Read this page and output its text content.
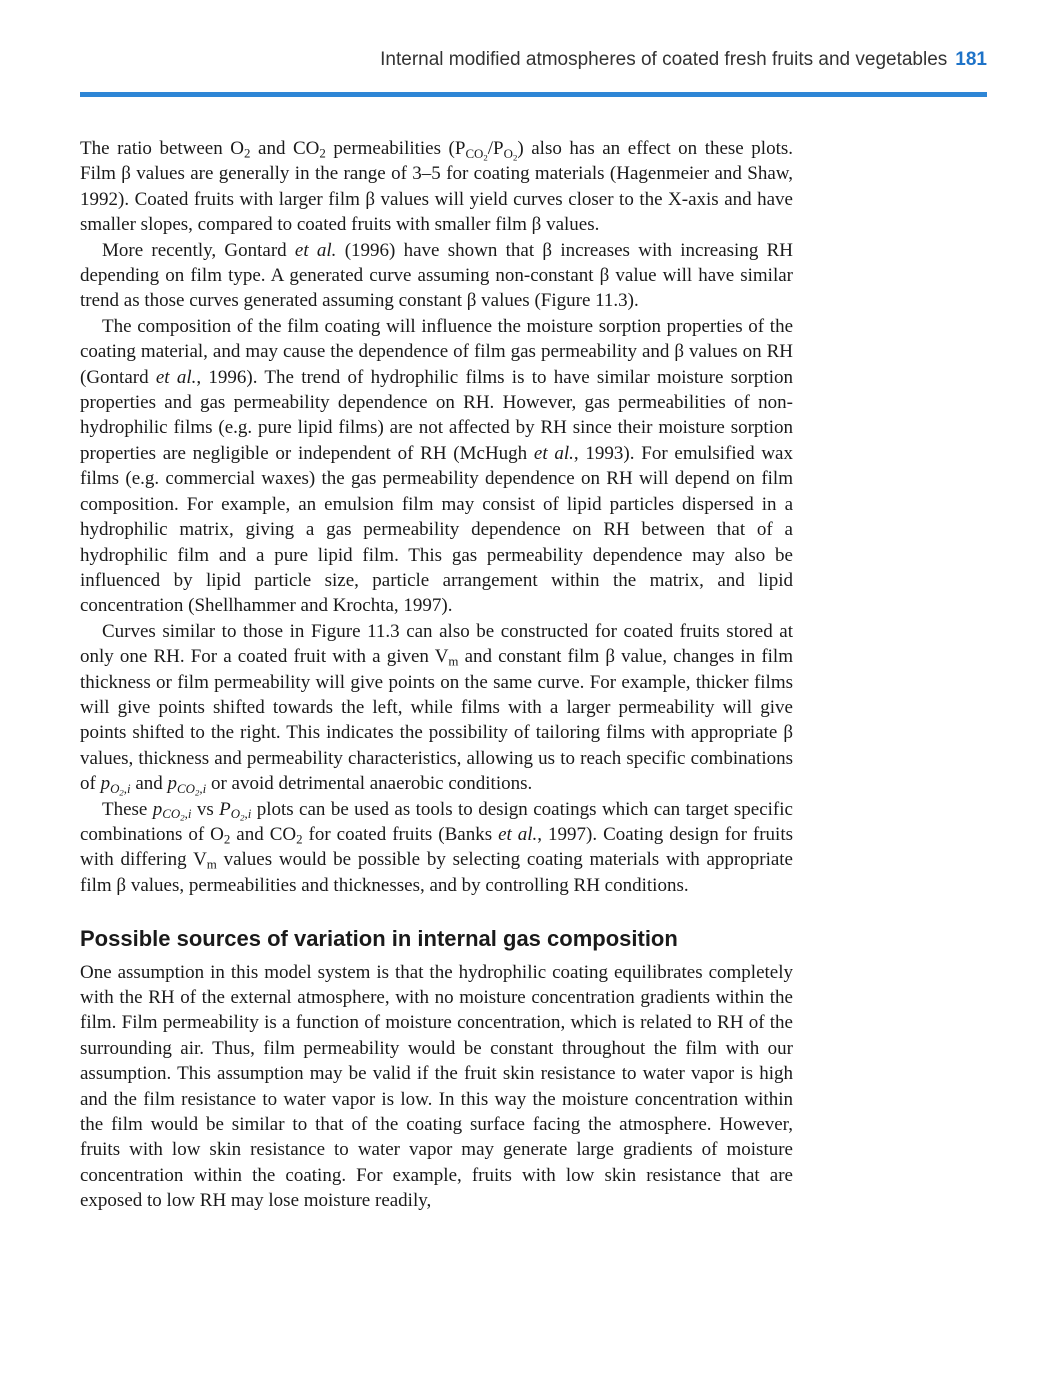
Internal modified atmospheres of coated fresh fruits and vegetables 181

The ratio between $O_2$ and $CO_2$ permeabilities $(P_{CO_2}/P_{O_2})$ also has an effect on these plots. Film β values are generally in the range of 3–5 for coating materials (Hagenmeier and Shaw, 1992). Coated fruits with larger film β values will yield curves closer to the X-axis and have smaller slopes, compared to coated fruits with smaller film β values.

More recently, Gontard et al. (1996) have shown that β increases with increasing RH depending on film type. A generated curve assuming non-constant β value will have similar trend as those curves generated assuming constant β values (Figure 11.3).

The composition of the film coating will influence the moisture sorption properties of the coating material, and may cause the dependence of film gas permeability and β values on RH (Gontard et al., 1996). The trend of hydrophilic films is to have similar moisture sorption properties and gas permeability dependence on RH. However, gas permeabilities of non-hydrophilic films (e.g. pure lipid films) are not affected by RH since their moisture sorption properties are negligible or independent of RH (McHugh et al., 1993). For emulsified wax films (e.g. commercial waxes) the gas permeability dependence on RH will depend on film composition. For example, an emulsion film may consist of lipid particles dispersed in a hydrophilic matrix, giving a gas permeability dependence on RH between that of a hydrophilic film and a pure lipid film. This gas permeability dependence may also be influenced by lipid particle size, particle arrangement within the matrix, and lipid concentration (Shellhammer and Krochta, 1997).

Curves similar to those in Figure 11.3 can also be constructed for coated fruits stored at only one RH. For a coated fruit with a given $V_m$ and constant film β value, changes in film thickness or film permeability will give points on the same curve. For example, thicker films will give points shifted towards the left, while films with a larger permeability will give points shifted to the right. This indicates the possibility of tailoring films with appropriate β values, thickness and permeability characteristics, allowing us to reach specific combinations of $p_{O_2,i}$ and $p_{CO_2,i}$ or avoid detrimental anaerobic conditions.

These $p_{CO_2,i}$ vs $P_{O_2,i}$ plots can be used as tools to design coatings which can target specific combinations of $O_2$ and $CO_2$ for coated fruits (Banks et al., 1997). Coating design for fruits with differing $V_m$ values would be possible by selecting coating materials with appropriate film β values, permeabilities and thicknesses, and by controlling RH conditions.

Possible sources of variation in internal gas composition

One assumption in this model system is that the hydrophilic coating equilibrates completely with the RH of the external atmosphere, with no moisture concentration gradients within the film. Film permeability is a function of moisture concentration, which is related to RH of the surrounding air. Thus, film permeability would be constant throughout the film with our assumption. This assumption may be valid if the fruit skin resistance to water vapor is high and the film resistance to water vapor is low. In this way the moisture concentration within the film would be similar to that of the coating surface facing the atmosphere. However, fruits with low skin resistance to water vapor may generate large gradients of moisture concentration within the coating. For example, fruits with low skin resistance that are exposed to low RH may lose moisture readily,
